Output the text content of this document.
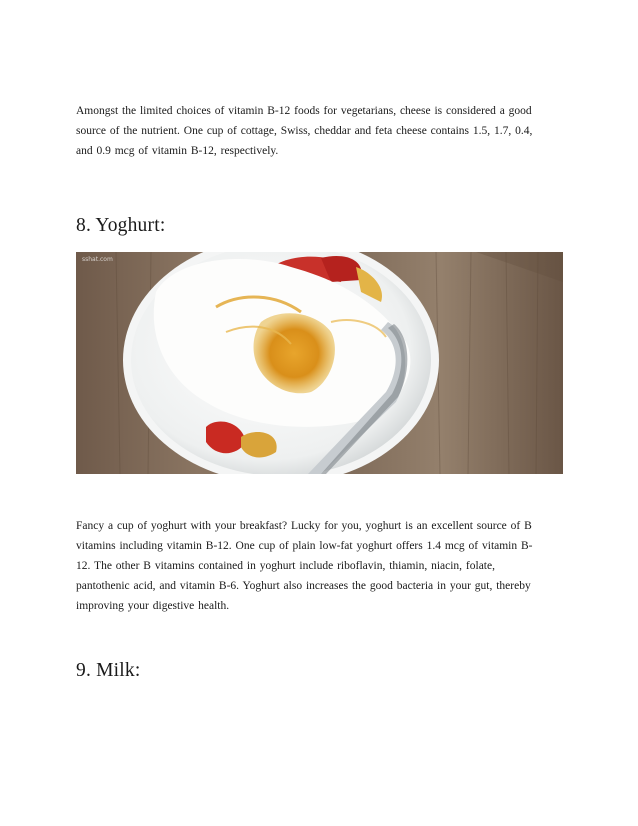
Amongst the limited choices of vitamin B-12 foods for vegetarians, cheese is considered a good
source of the nutrient. One cup of cottage, Swiss, cheddar and feta cheese contains 1.5, 1.7, 0.4,
and 0.9 mcg of vitamin B-12, respectively.

8. Yoghurt:
sshat.com

Fancy a cup of yoghurt with your breakfast? Lucky for you, yoghurt is an excellent source of B
vitamins including vitamin B-12. One cup of plain low-fat yoghurt offers 1.4 mcg of vitamin B-
12. The other B vitamins contained in yoghurt include riboflavin, thiamin, niacin, folate,
pantothenic acid, and vitamin B-6. Yoghurt also increases the good bacteria in your gut, thereby
improving your digestive health.

9. Milk:
